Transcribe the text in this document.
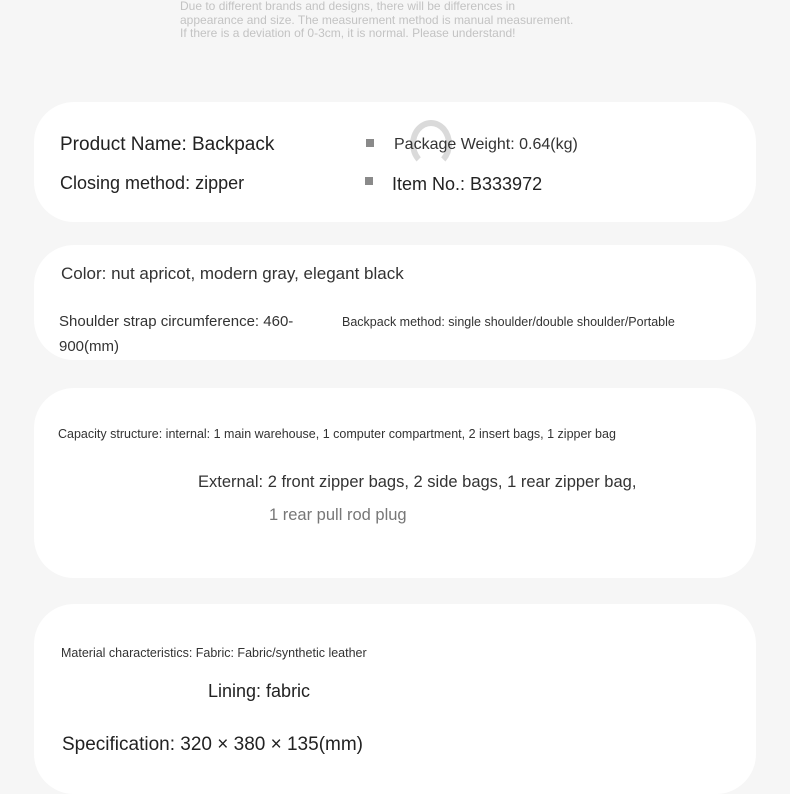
Due to different brands and designs, there will be differences in
appearance and size. The measurement method is manual measurement.
If there is a deviation of 0-3cm, it is normal. Please understand!

Product Name: Backpack

Closing method: zipper

Package Weight: 0.64(kg)

Item No.: B333972

Color: nut apricot, modern gray, elegant black

Shoulder strap circumference: 460-

900(mm)

Backpack method: single shoulder/double shoulder/Portable

Capacity structure: internal: 1 main warehouse, 1 computer compartment, 2 insert bags, 1 zipper bag

External: 2 front zipper bags, 2 side bags, 1 rear zipper bag,

1 rear pull rod plug

Material characteristics: Fabric: Fabric/synthetic leather

Lining: fabric

Specification: 320 × 380 × 135(mm)
